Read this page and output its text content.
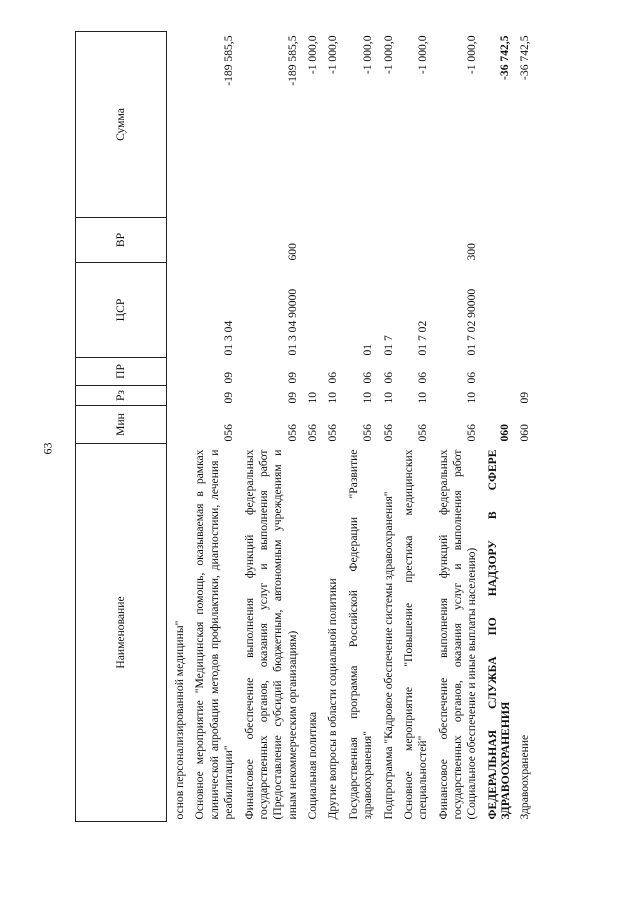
63
Наименование	Мин	Рз	ПР	ЦСР	ВР	Сумма
основ персонализированной медицины"						
Основное мероприятие "Медицинская помощь, оказываемая в рамках клинической апробации методов профилактики, диагностики, лечения и реабилитации"	056	09	09	01 3 04		-189 585,5
Финансовое обеспечение выполнения функций федеральных государственных органов, оказания услуг и выполнения работ (Предоставление субсидий бюджетным, автономным учреждениям и иным некоммерческим организациям)	056	09	09	01 3 04 90000	600	-189 585,5
Социальная политика	056	10				-1 000,0
Другие вопросы в области социальной политики	056	10	06			-1 000,0
Государственная программа Российской Федерации "Развитие здравоохранения"	056	10	06	01		-1 000,0
Подпрограмма "Кадровое обеспечение системы здравоохранения"	056	10	06	01 7		-1 000,0
Основное мероприятие "Повышение престижа медицинских специальностей"	056	10	06	01 7 02		-1 000,0
Финансовое обеспечение выполнения функций федеральных государственных органов, оказания услуг и выполнения работ (Социальное обеспечение и иные выплаты населению)	056	10	06	01 7 02 90000	300	-1 000,0
ФЕДЕРАЛЬНАЯ СЛУЖБА ПО НАДЗОРУ В СФЕРЕ ЗДРАВООХРАНЕНИЯ	060					-36 742,5
Здравоохранение	060	09				-36 742,5
